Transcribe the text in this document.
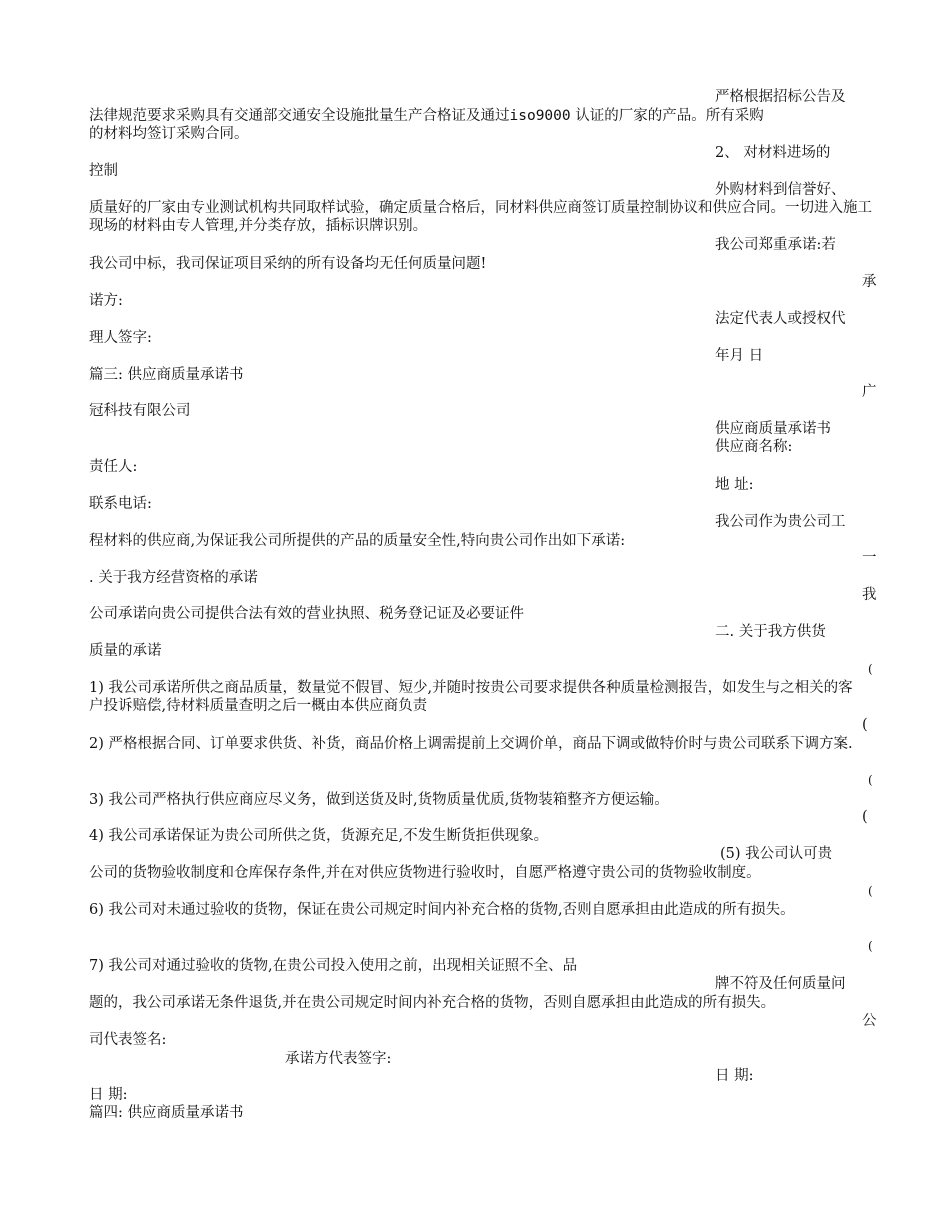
严格根据招标公告及
2、 对材料进场的
外购材料到信誉好、
我公司郑重承诺:若
承
法定代表人或授权代
年月 日
广
供应商质量承诺书
供应商名称:
地 址:
我公司作为贵公司工
一
我
二. 关于我方供货
(
(
(
(
(5) 我公司认可贵
(
(
牌不符及任何质量问
公
日 期:
法律规范要求采购具有交通部交通安全设施批量生产合格证及通过iso9000 认证的厂家的产品。所有采购
的材料均签订采购合同。
控制
质量好的厂家由专业测试机构共同取样试验，确定质量合格后，同材料供应商签订质量控制协议和供应合同。一切进入施工现场的材料由专人管理,并分类存放，插标识牌识别。
我公司中标，我司保证项目采纳的所有设备均无任何质量问题!
诺方:
理人签字:
篇三: 供应商质量承诺书
冠科技有限公司
责任人:
联系电话:
程材料的供应商,为保证我公司所提供的产品的质量安全性,特向贵公司作出如下承诺:
. 关于我方经营资格的承诺
公司承诺向贵公司提供合法有效的营业执照、税务登记证及必要证件
质量的承诺
1) 我公司承诺所供之商品质量，数量觉不假冒、短少,并随时按贵公司要求提供各种质量检测报告，如发生与之相关的客户投诉赔偿,待材料质量查明之后一概由本供应商负责
2) 严格根据合同、订单要求供货、补货，商品价格上调需提前上交调价单，商品下调或做特价时与贵公司联系下调方案.
3) 我公司严格执行供应商应尽义务，做到送货及时,货物质量优质,货物装箱整齐方便运输。
4) 我公司承诺保证为贵公司所供之货，货源充足,不发生断货拒供现象。
公司的货物验收制度和仓库保存条件,并在对供应货物进行验收时，自愿严格遵守贵公司的货物验收制度。
6) 我公司对未通过验收的货物，保证在贵公司规定时间内补充合格的货物,否则自愿承担由此造成的所有损失。
7) 我公司对通过验收的货物,在贵公司投入使用之前，出现相关证照不全、品
题的，我公司承诺无条件退货,并在贵公司规定时间内补充合格的货物，否则自愿承担由此造成的所有损失。
司代表签名:
承诺方代表签字:
日 期:
篇四: 供应商质量承诺书
